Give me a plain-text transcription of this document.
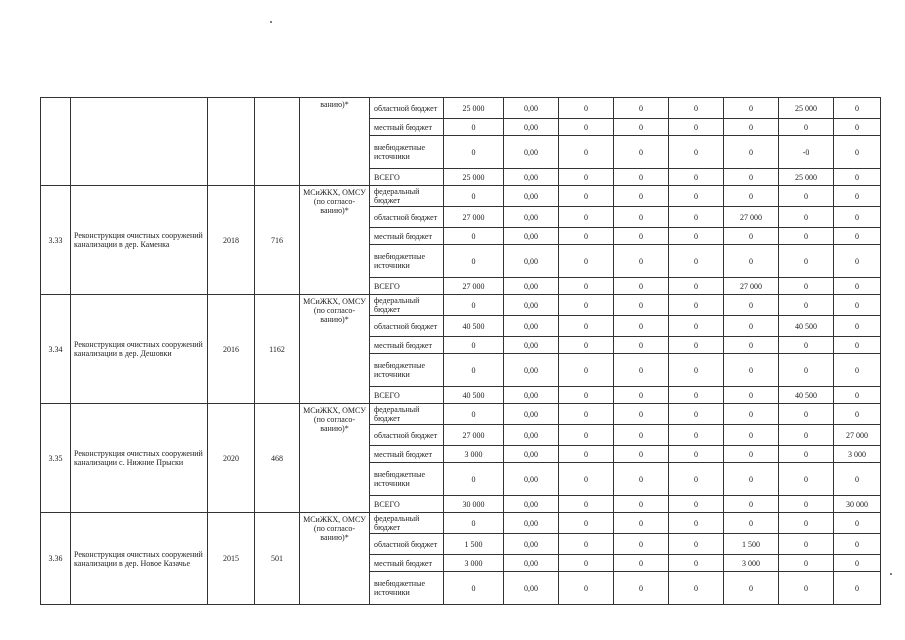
				ванию)*	областной бюджет	25 000	0,00	0	0	0	0	25 000	0
					местный бюджет	0	0,00	0	0	0	0	0	0
					внебюджетные источники	0	0,00	0	0	0	0	-0	0
					ВСЕГО	25 000	0,00	0	0	0	0	25 000	0
3.33	Реконструкция очистных сооружений канализации в дер. Каменка	2018	716	МСиЖКХ, ОМСУ (по согласо- ванию)*	федеральный бюджет	0	0,00	0	0	0	0	0	0
					областной бюджет	27 000	0,00	0	0	0	27 000	0	0
					местный бюджет	0	0,00	0	0	0	0	0	0
					внебюджетные источники	0	0,00	0	0	0	0	0	0
					ВСЕГО	27 000	0,00	0	0	0	27 000	0	0
3.34	Реконструкция очистных сооружений канализации в дер. Дешовки	2016	1162	МСиЖКХ, ОМСУ (по согласо- ванию)*	федеральный бюджет	0	0,00	0	0	0	0	0	0
					областной бюджет	40 500	0,00	0	0	0	0	40 500	0
					местный бюджет	0	0,00	0	0	0	0	0	0
					внебюджетные источники	0	0,00	0	0	0	0	0	0
					ВСЕГО	40 500	0,00	0	0	0	0	40 500	0
3.35	Реконструкция очистных сооружений канализации с. Нижние Прыски	2020	468	МСиЖКХ, ОМСУ (по согласо- ванию)*	федеральный бюджет	0	0,00	0	0	0	0	0	0
					областной бюджет	27 000	0,00	0	0	0	0	0	27 000
					местный бюджет	3 000	0,00	0	0	0	0	0	3 000
					внебюджетные источники	0	0,00	0	0	0	0	0	0
					ВСЕГО	30 000	0,00	0	0	0	0	0	30 000
3.36	Реконструкция очистных сооружений канализации в дер. Новое Казачье	2015	501	МСиЖКХ, ОМСУ (по согласо- ванию)*	федеральный бюджет	0	0,00	0	0	0	0	0	0
					областной бюджет	1 500	0,00	0	0	0	1 500	0	0
					местный бюджет	3 000	0,00	0	0	0	3 000	0	0
					внебюджетные источники	0	0,00	0	0	0	0	0	0
